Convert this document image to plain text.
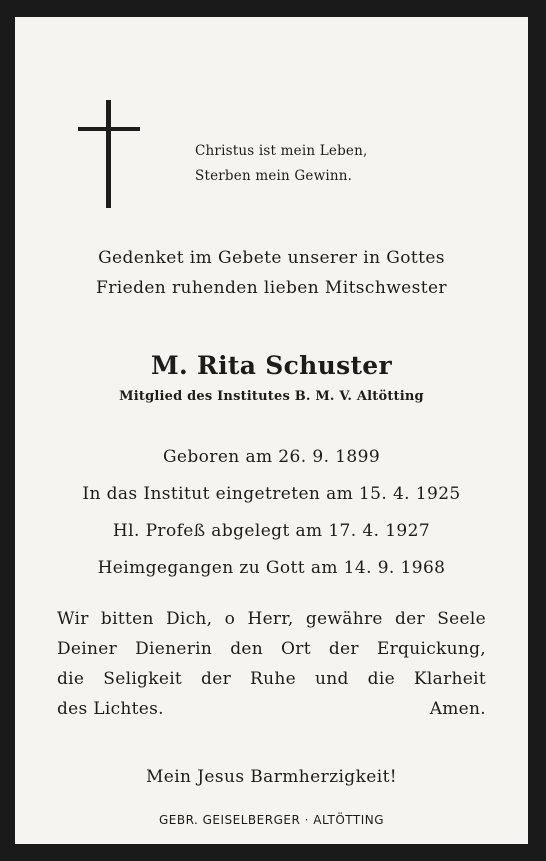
Christus ist mein Leben,
Sterben mein Gewinn.
Gedenket im Gebete unserer in Gottes
Frieden ruhenden lieben Mitschwester
M. Rita Schuster
Mitglied des Institutes B. M. V. Altötting
Geboren am 26. 9. 1899
In das Institut eingetreten am 15. 4. 1925
Hl. Profeß abgelegt am 17. 4. 1927
Heimgegangen zu Gott am 14. 9. 1968
Wir bitten Dich, o Herr, gewähre der Seele
Deiner Dienerin den Ort der Erquickung,
die Seligkeit der Ruhe und die Klarheit
des Lichtes.	Amen.
Mein Jesus Barmherzigkeit!
GEBR. GEISELBERGER · ALTÖTTING
